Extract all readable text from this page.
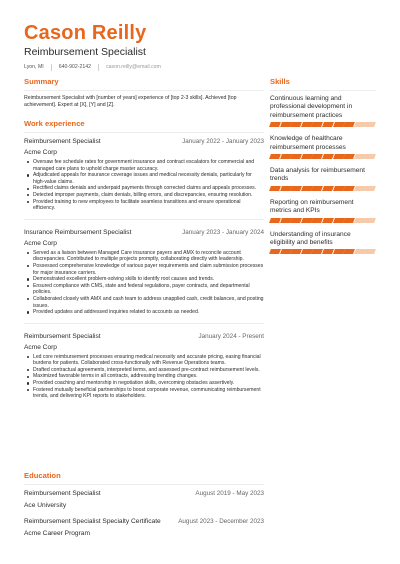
Cason Reilly
Reimbursement Specialist
Lyon, MI	640-902-2142	cason.reilly@email.com
Summary
Reimbursement Specialist with [number of years] experience of [top 2-3 skills]. Achieved [top achievement]. Expert at [X], [Y] and [Z].
Work experience
Reimbursement Specialist	January 2022 - January 2023
Acme Corp
Oversaw fee schedule rates for government insurance and contract escalators for commercial and managed care plans to uphold charge master accuracy.
Adjudicated appeals for insurance coverage issues and medical necessity denials, particularly for high-value claims.
Rectified claims denials and underpaid payments through corrected claims and appeals processes.
Detected improper payments, claim denials, billing errors, and discrepancies, ensuring resolution.
Provided training to new employees to facilitate seamless transitions and ensure operational efficiency.
Insurance Reimbursement Specialist	January 2023 - January 2024
Acme Corp
Served as a liaison between Managed Care insurance payers and AMX to reconcile account discrepancies. Contributed to multiple projects promptly, collaborating directly with leadership.
Possessed comprehensive knowledge of various payer requirements and claim submission processes for major insurance carriers.
Demonstrated excellent problem-solving skills to identify root causes and trends.
Ensured compliance with CMS, state and federal regulations, payer contracts, and departmental policies.
Collaborated closely with AMX and cash team to address unapplied cash, credit balances, and posting issues.
Provided updates and addressed inquiries related to accounts as needed.
Reimbursement Specialist	January 2024 - Present
Acme Corp
Led core reimbursement processes ensuring medical necessity and accurate pricing, easing financial burdens for patients. Collaborated cross-functionally with Revenue Operations teams.
Drafted contractual agreements, interpreted terms, and assessed pre-contract reimbursement levels.
Maximized favorable terms in all contracts, addressing trending changes.
Provided coaching and mentorship in negotiation skills, overcoming obstacles assertively.
Fostered mutually beneficial partnerships to boost corporate revenue, communicating reimbursement trends, and delivering KPI reports to stakeholders.
Education
Reimbursement Specialist	August 2019 - May 2023
Ace University
Reimbursement Specialist Specialty Certificate	August 2023 - December 2023
Acme Career Program
Skills
Continuous learning and professional development in reimbursement practices
Knowledge of healthcare reimbursement processes
Data analysis for reimbursement trends
Reporting on reimbursement metrics and KPIs
Understanding of insurance eligibility and benefits
